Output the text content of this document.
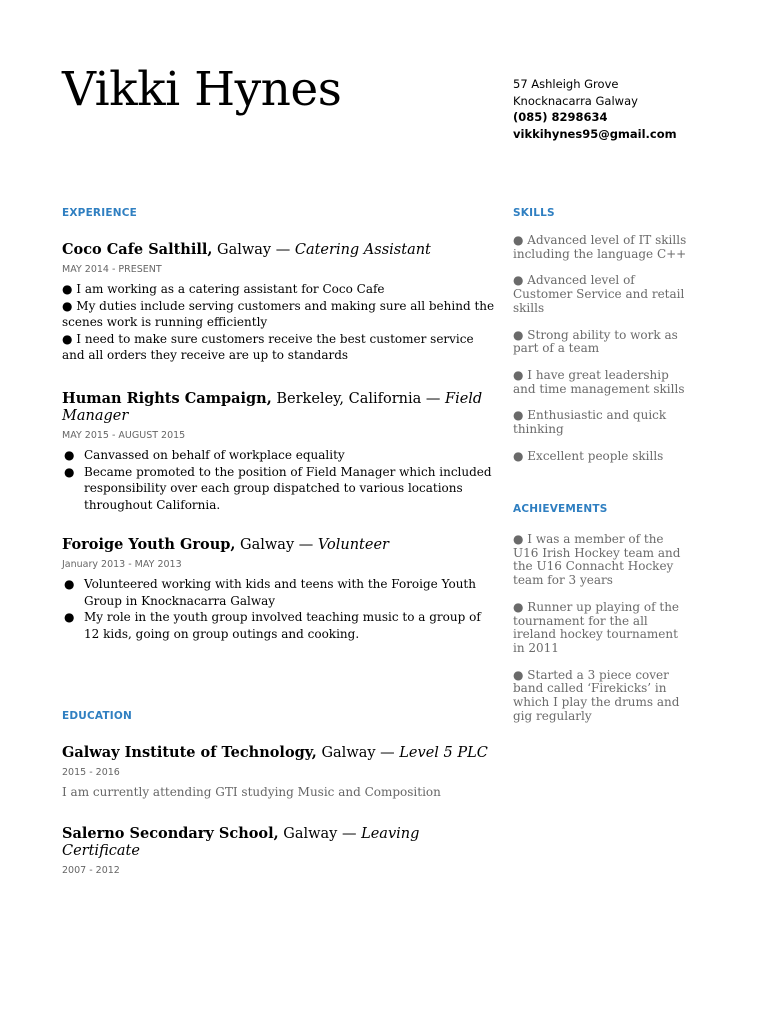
Vikki Hynes	57 Ashleigh Grove
Knocknacarra Galway
(085) 8298634
vikkihynes95@gmail.com
EXPERIENCE
Coco Cafe Salthill, Galway — Catering Assistant
MAY 2014 - PRESENT

● I am working as a catering assistant for Coco Cafe

● My duties include serving customers and making sure all behind the scenes work is running efficiently

● I need to make sure customers receive the best customer service and all orders they receive are up to standards

Human Rights Campaign, Berkeley, California — Field Manager
MAY 2015 - AUGUST 2015
● Canvassed on behalf of workplace equality
● Became promoted to the position of Field Manager which included responsibility over each group dispatched to various locations throughout California.
Foroige Youth Group, Galway — Volunteer
January 2013 - MAY 2013
● Volunteered working with kids and teens with the Foroige Youth Group in Knocknacarra Galway
● My role in the youth group involved teaching music to a group of 12 kids, going on group outings and cooking.
EDUCATION
Galway Institute of Technology, Galway — Level 5 PLC
2015 - 2016
I am currently attending GTI studying Music and Composition
Salerno Secondary School, Galway — Leaving Certificate
2007 - 2012
SKILLS

● Advanced level of IT skills including the language C++

● Advanced level of Customer Service and retail skills

● Strong ability to work as part of a team

● I have great leadership and time management skills

● Enthusiastic and quick thinking

● Excellent people skills

ACHIEVEMENTS

● I was a member of the U16 Irish Hockey team and the U16 Connacht Hockey team for 3 years

● Runner up playing of the tournament for the all ireland hockey tournament in 2011

● Started a 3 piece cover band called ‘Firekicks’ in which I play the drums and gig regularly
